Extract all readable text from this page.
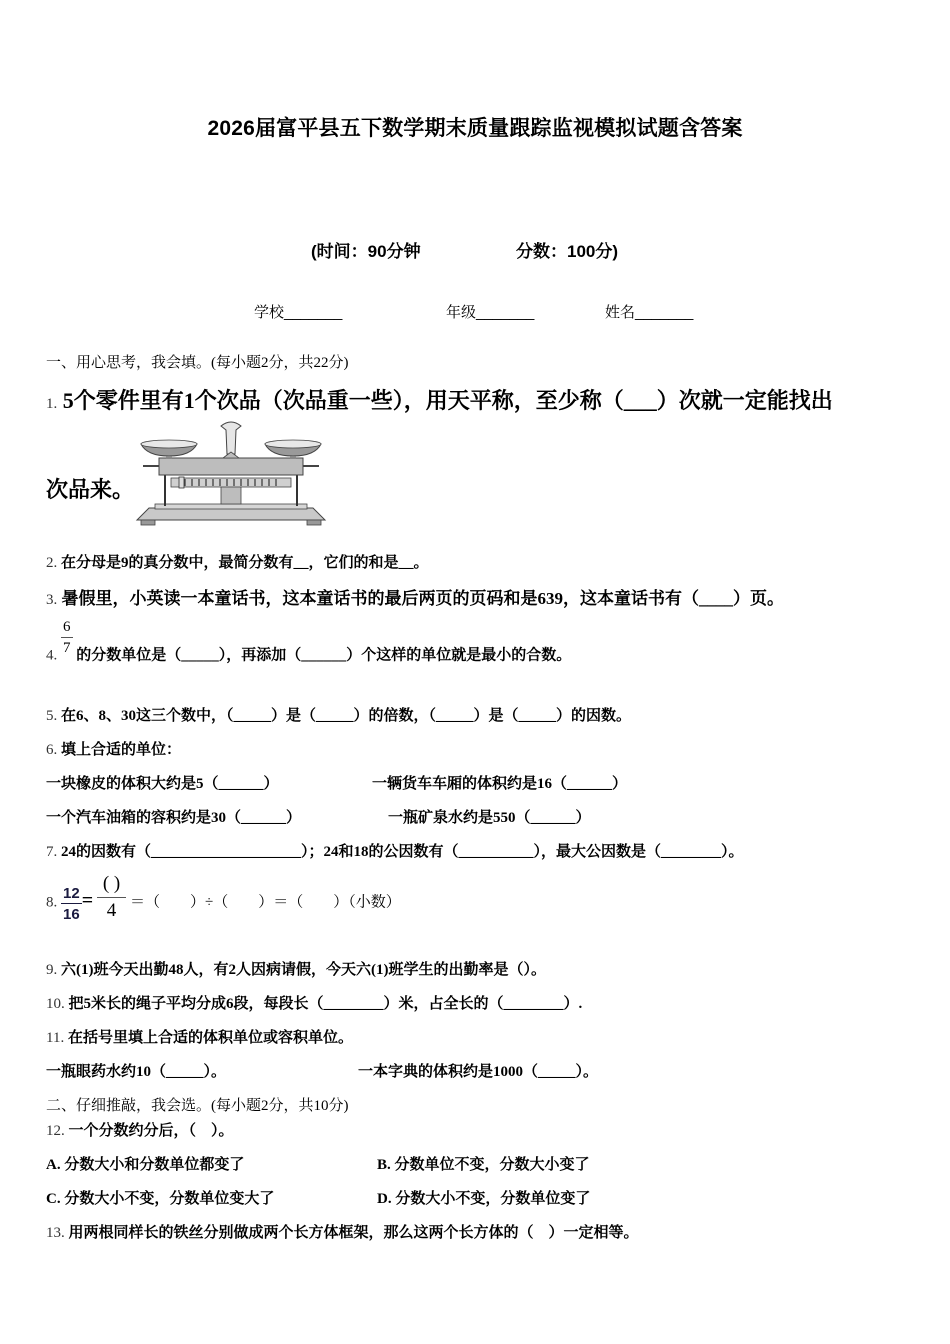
2026届富平县五下数学期末质量跟踪监视模拟试题含答案
(时间：90分钟	分数：100分)
学校_______	年级_______	姓名_______
一、用心思考，我会填。(每小题2分，共22分)
1. 5个零件里有1个次品（次品重一些），用天平称，至少称（___）次就一定能找出
次品来。
2. 在分母是9的真分数中，最简分数有__，它们的和是__。
3. 暑假里，小英读一本童话书，这本童话书的最后两页的页码和是639，这本童话书有（____）页。
4. $\frac{6}{7}$ 的分数单位是（_____），再添加（______）个这样的单位就是最小的合数。
5. 在6、8、30这三个数中，（_____）是（_____）的倍数，（_____）是（_____）的因数。
6. 填上合适的单位：
一块橡皮的体积大约是5（______）	一辆货车车厢的体积约是16（______）
一个汽车油箱的容积约是30（______）	一瓶矿泉水约是550（______）
7. 24的因数有（____________________）；24和18的公因数有（__________），最大公因数是（________）。
8. $\frac{12}{16} = \frac{( )}{4}$ ＝（　　）÷（　　）＝（　　）（小数）
9. 六(1)班今天出勤48人，有2人因病请假，今天六(1)班学生的出勤率是（）。
10. 把5米长的绳子平均分成6段，每段长（________）米，占全长的（________）.
11. 在括号里填上合适的体积单位或容积单位。
一瓶眼药水约10（_____）。	一本字典的体积约是1000（_____）。
二、仔细推敲，我会选。(每小题2分，共10分)
12. 一个分数约分后，（　）。
A. 分数大小和分数单位都变了	B. 分数单位不变，分数大小变了
C. 分数大小不变，分数单位变大了	D. 分数大小不变，分数单位变了
13. 用两根同样长的铁丝分别做成两个长方体框架，那么这两个长方体的（　）一定相等。
